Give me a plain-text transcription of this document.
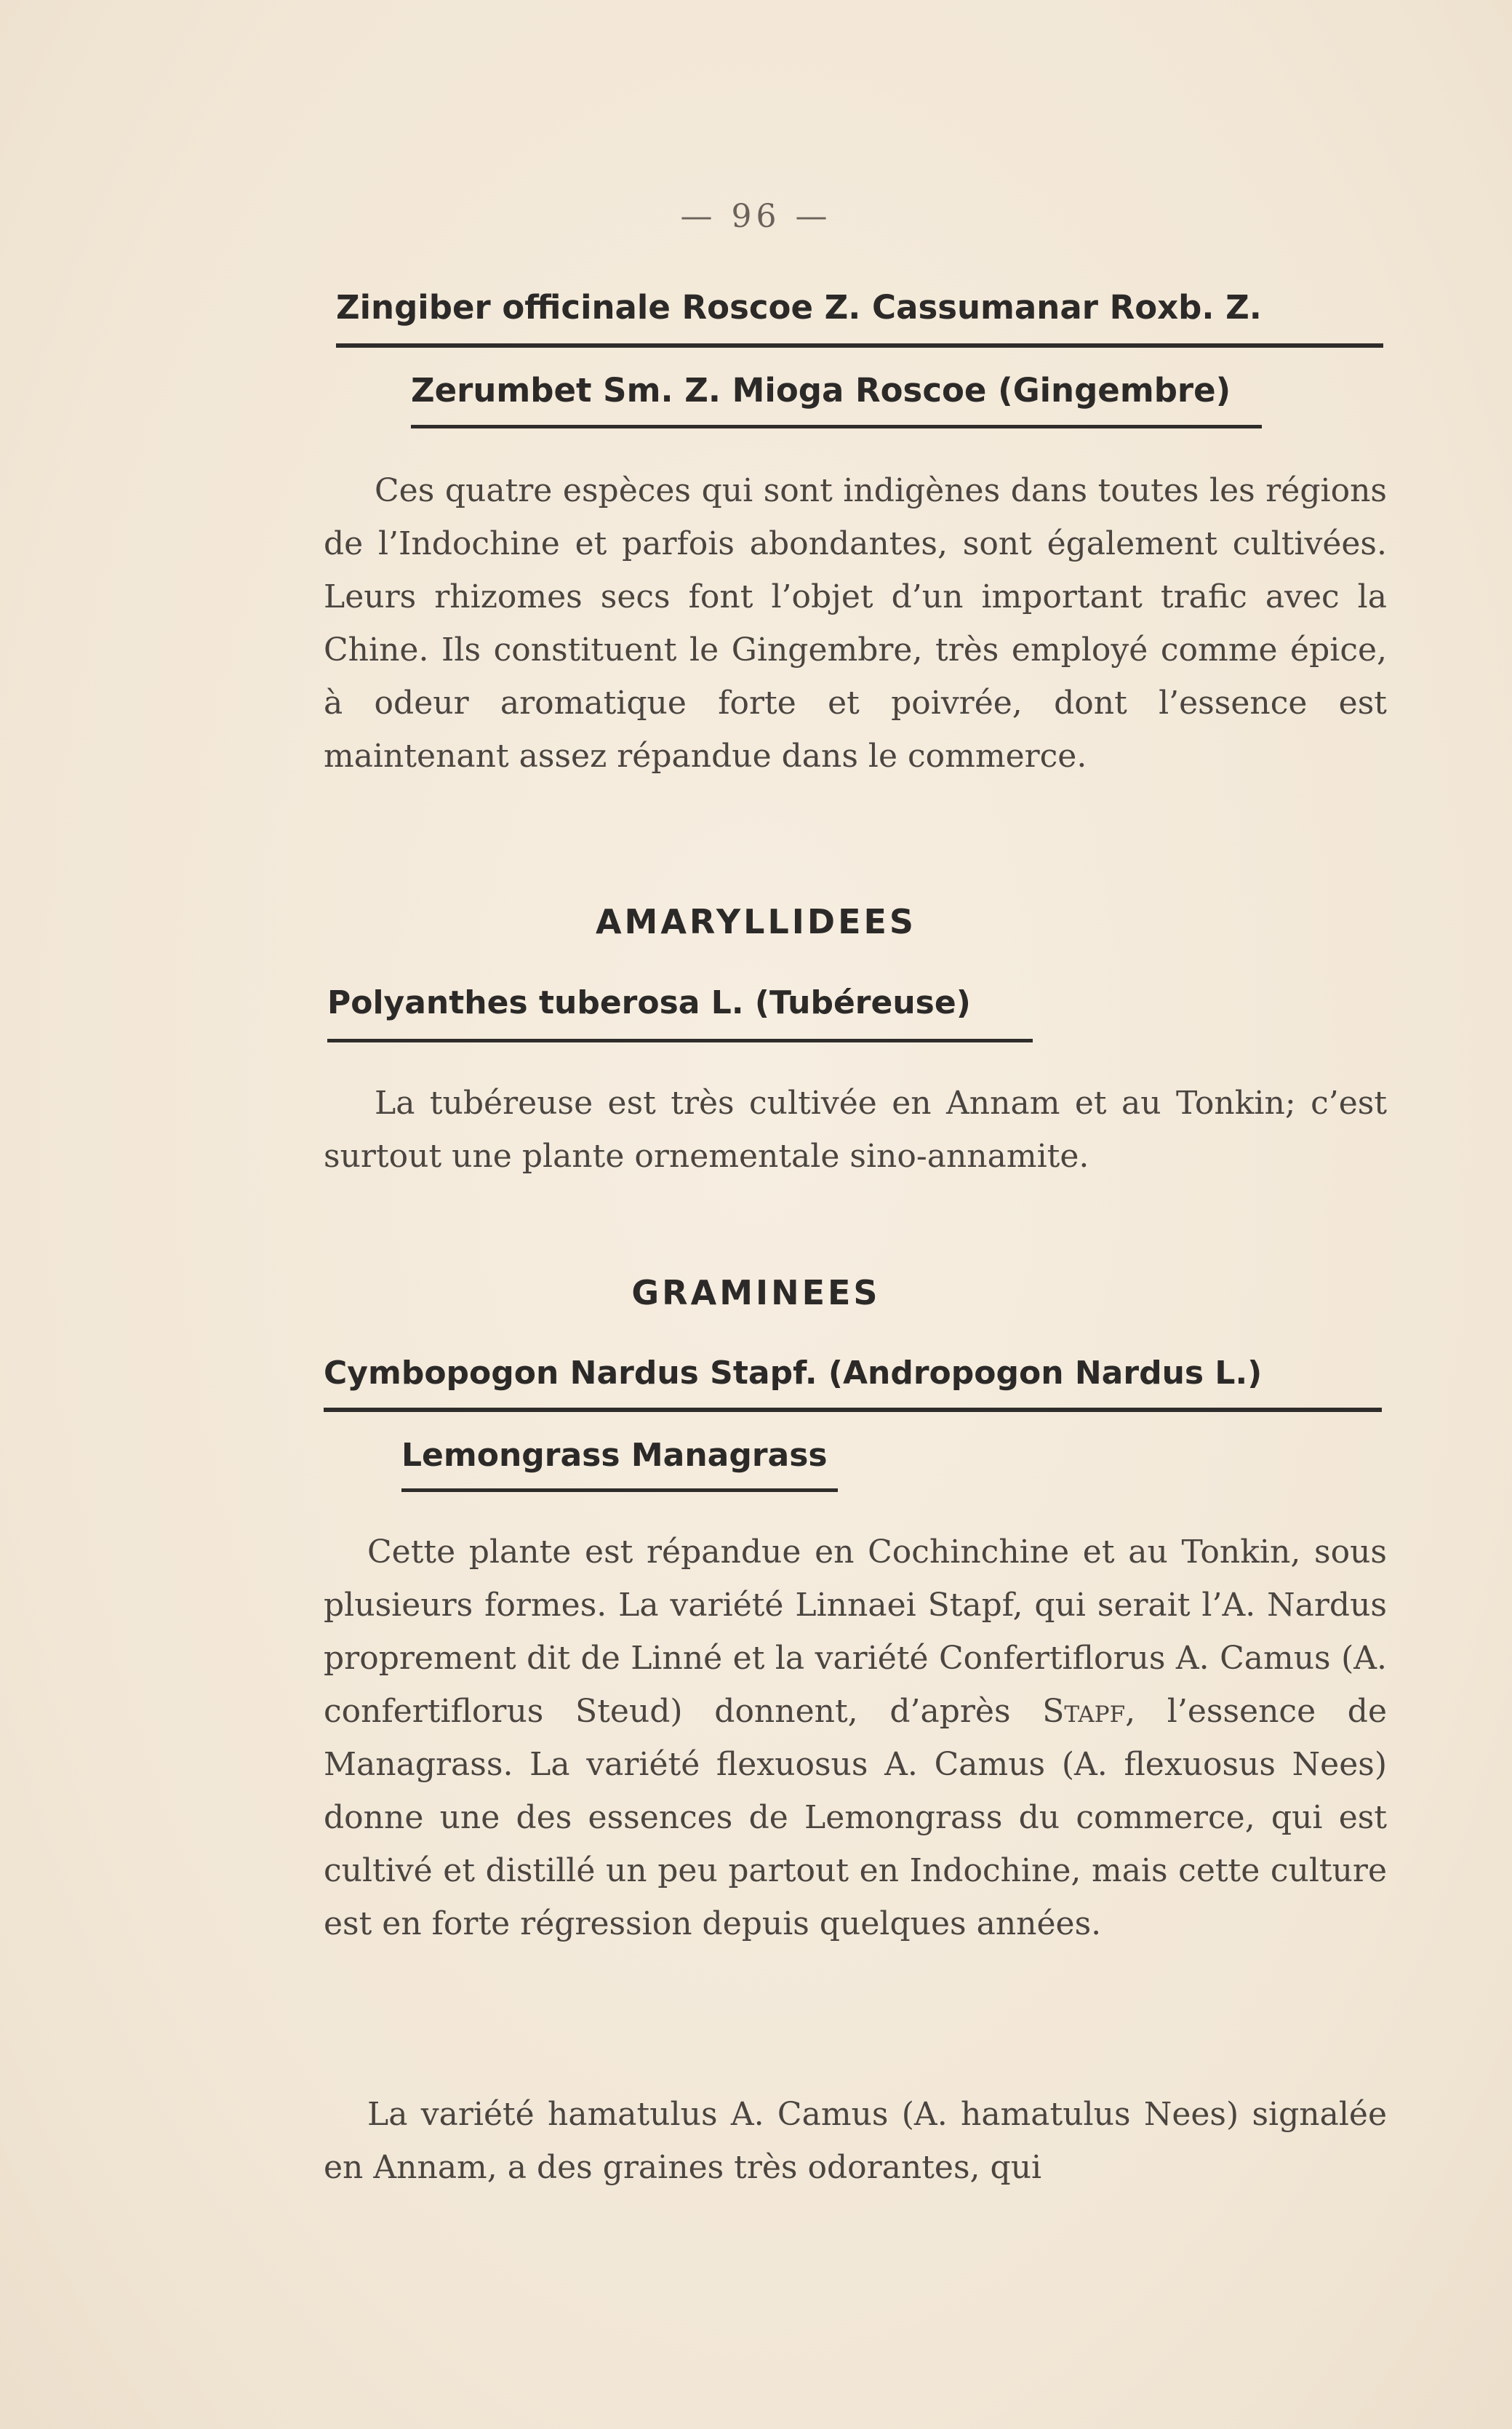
— 96 —
Zingiber officinale Roscoe Z. Cassumanar Roxb. Z.
Zerumbet Sm. Z. Mioga Roscoe (Gingembre)

Ces quatre espèces qui sont indigènes dans toutes les régions de l’Indochine et parfois abondantes, sont également cultivées. Leurs rhizomes secs font l’objet d’un important trafic avec la Chine. Ils constituent le Gingembre, très employé comme épice, à odeur aromatique forte et poivrée, dont l’essence est maintenant assez répandue dans le commerce.

AMARYLLIDEES
Polyanthes tuberosa L. (Tubéreuse)

La tubéreuse est très cultivée en Annam et au Tonkin; c’est surtout une plante ornementale sino-annamite.

GRAMINEES
Cymbopogon Nardus Stapf. (Andropogon Nardus L.)
Lemongrass Managrass

Cette plante est répandue en Cochinchine et au Tonkin, sous plusieurs formes. La variété Linnaei Stapf, qui serait l’A. Nardus proprement dit de Linné et la variété Confertiflorus A. Camus (A. confertiflorus Steud) donnent, d’après Stapf, l’essence de Managrass. La variété flexuosus A. Camus (A. flexuosus Nees) donne une des essences de Lemongrass du commerce, qui est cultivé et distillé un peu partout en Indochine, mais cette culture est en forte régression depuis quelques années.

La variété hamatulus A. Camus (A. hamatulus Nees) signalée en Annam, a des graines très odorantes, qui
